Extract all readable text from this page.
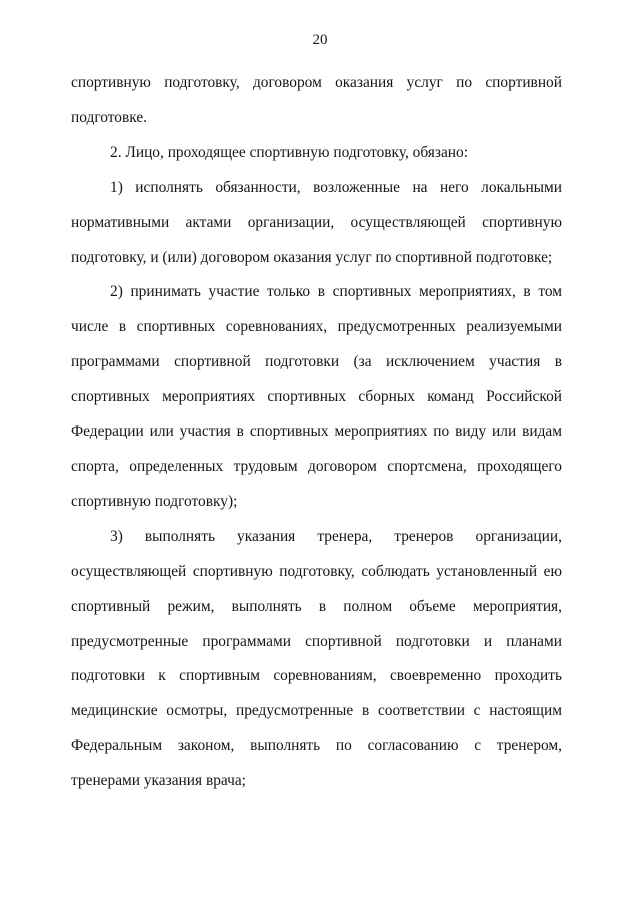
20

спортивную подготовку, договором оказания услуг по спортивной подготовке.

2. Лицо, проходящее спортивную подготовку, обязано:

1) исполнять обязанности, возложенные на него локальными нормативными актами организации, осуществляющей спортивную подготовку, и (или) договором оказания услуг по спортивной подготовке;

2) принимать участие только в спортивных мероприятиях, в том числе в спортивных соревнованиях, предусмотренных реализуемыми программами спортивной подготовки (за исключением участия в спортивных мероприятиях спортивных сборных команд Российской Федерации или участия в спортивных мероприятиях по виду или видам спорта, определенных трудовым договором спортсмена, проходящего спортивную подготовку);

3) выполнять указания тренера, тренеров организации, осуществляющей спортивную подготовку, соблюдать установленный ею спортивный режим, выполнять в полном объеме мероприятия, предусмотренные программами спортивной подготовки и планами подготовки к спортивным соревнованиям, своевременно проходить медицинские осмотры, предусмотренные в соответствии с настоящим Федеральным законом, выполнять по согласованию с тренером, тренерами указания врача;
